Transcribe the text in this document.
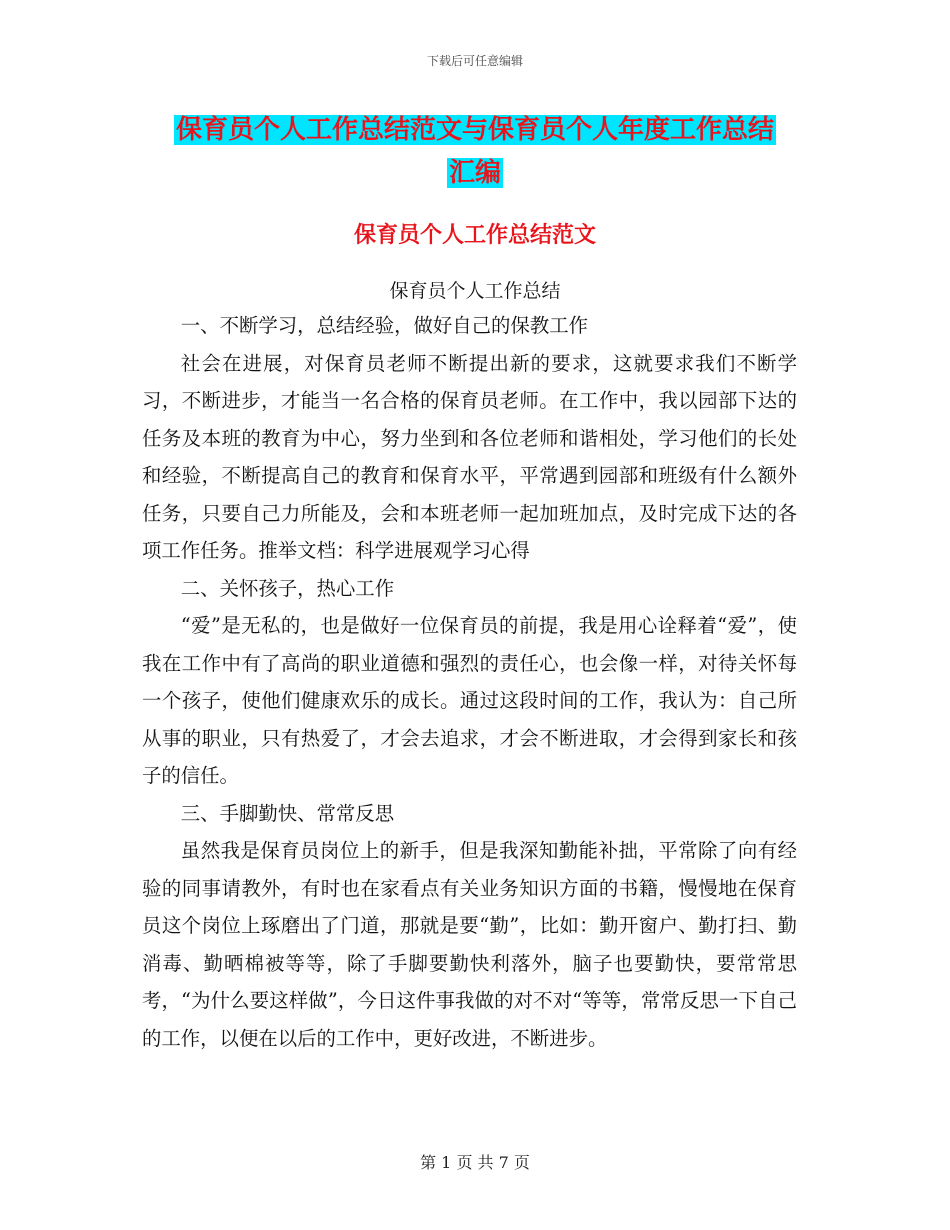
下载后可任意编辑
保育员个人工作总结范文与保育员个人年度工作总结
汇编
保育员个人工作总结范文
保育员个人工作总结

一、不断学习，总结经验，做好自己的保教工作

社会在进展，对保育员老师不断提出新的要求，这就要求我们不断学习，不断进步，才能当一名合格的保育员老师。在工作中，我以园部下达的任务及本班的教育为中心，努力坐到和各位老师和谐相处，学习他们的长处和经验，不断提高自己的教育和保育水平，平常遇到园部和班级有什么额外任务，只要自己力所能及，会和本班老师一起加班加点，及时完成下达的各项工作任务。推举文档：科学进展观学习心得

二、关怀孩子，热心工作

“爱”是无私的，也是做好一位保育员的前提，我是用心诠释着“爱”，使我在工作中有了高尚的职业道德和强烈的责任心，也会像一样，对待关怀每一个孩子，使他们健康欢乐的成长。通过这段时间的工作，我认为：自己所从事的职业，只有热爱了，才会去追求，才会不断进取，才会得到家长和孩子的信任。

三、手脚勤快、常常反思

虽然我是保育员岗位上的新手，但是我深知勤能补拙，平常除了向有经验的同事请教外，有时也在家看点有关业务知识方面的书籍，慢慢地在保育员这个岗位上琢磨出了门道，那就是要“勤”，比如：勤开窗户、勤打扫、勤消毒、勤晒棉被等等，除了手脚要勤快利落外，脑子也要勤快，要常常思考，“为什么要这样做”，今日这件事我做的对不对“等等，常常反思一下自己的工作，以便在以后的工作中，更好改进，不断进步。

第 1 页 共 7 页
